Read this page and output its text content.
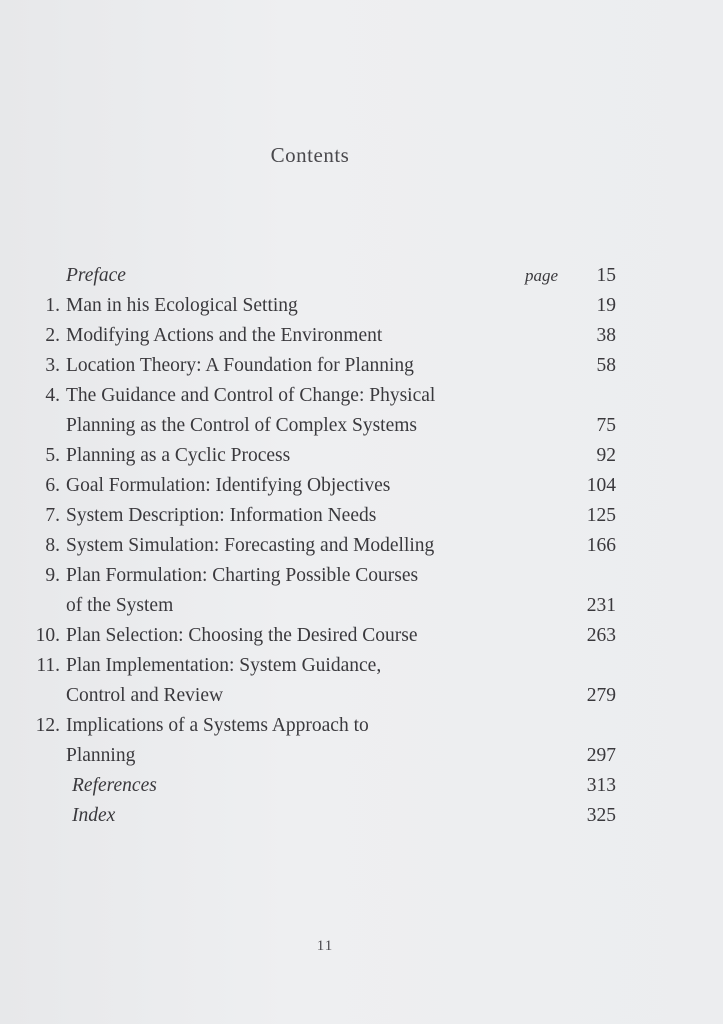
Contents
Preface	page	15
1. Man in his Ecological Setting	19
2. Modifying Actions and the Environment	38
3. Location Theory: A Foundation for Planning	58
4. The Guidance and Control of Change: Physical
Planning as the Control of Complex Systems	75
5. Planning as a Cyclic Process	92
6. Goal Formulation: Identifying Objectives	104
7. System Description: Information Needs	125
8. System Simulation: Forecasting and Modelling	166
9. Plan Formulation: Charting Possible Courses
of the System	231
10. Plan Selection: Choosing the Desired Course	263
11. Plan Implementation: System Guidance,
Control and Review	279
12. Implications of a Systems Approach to
Planning	297
References	313
Index	325
11
